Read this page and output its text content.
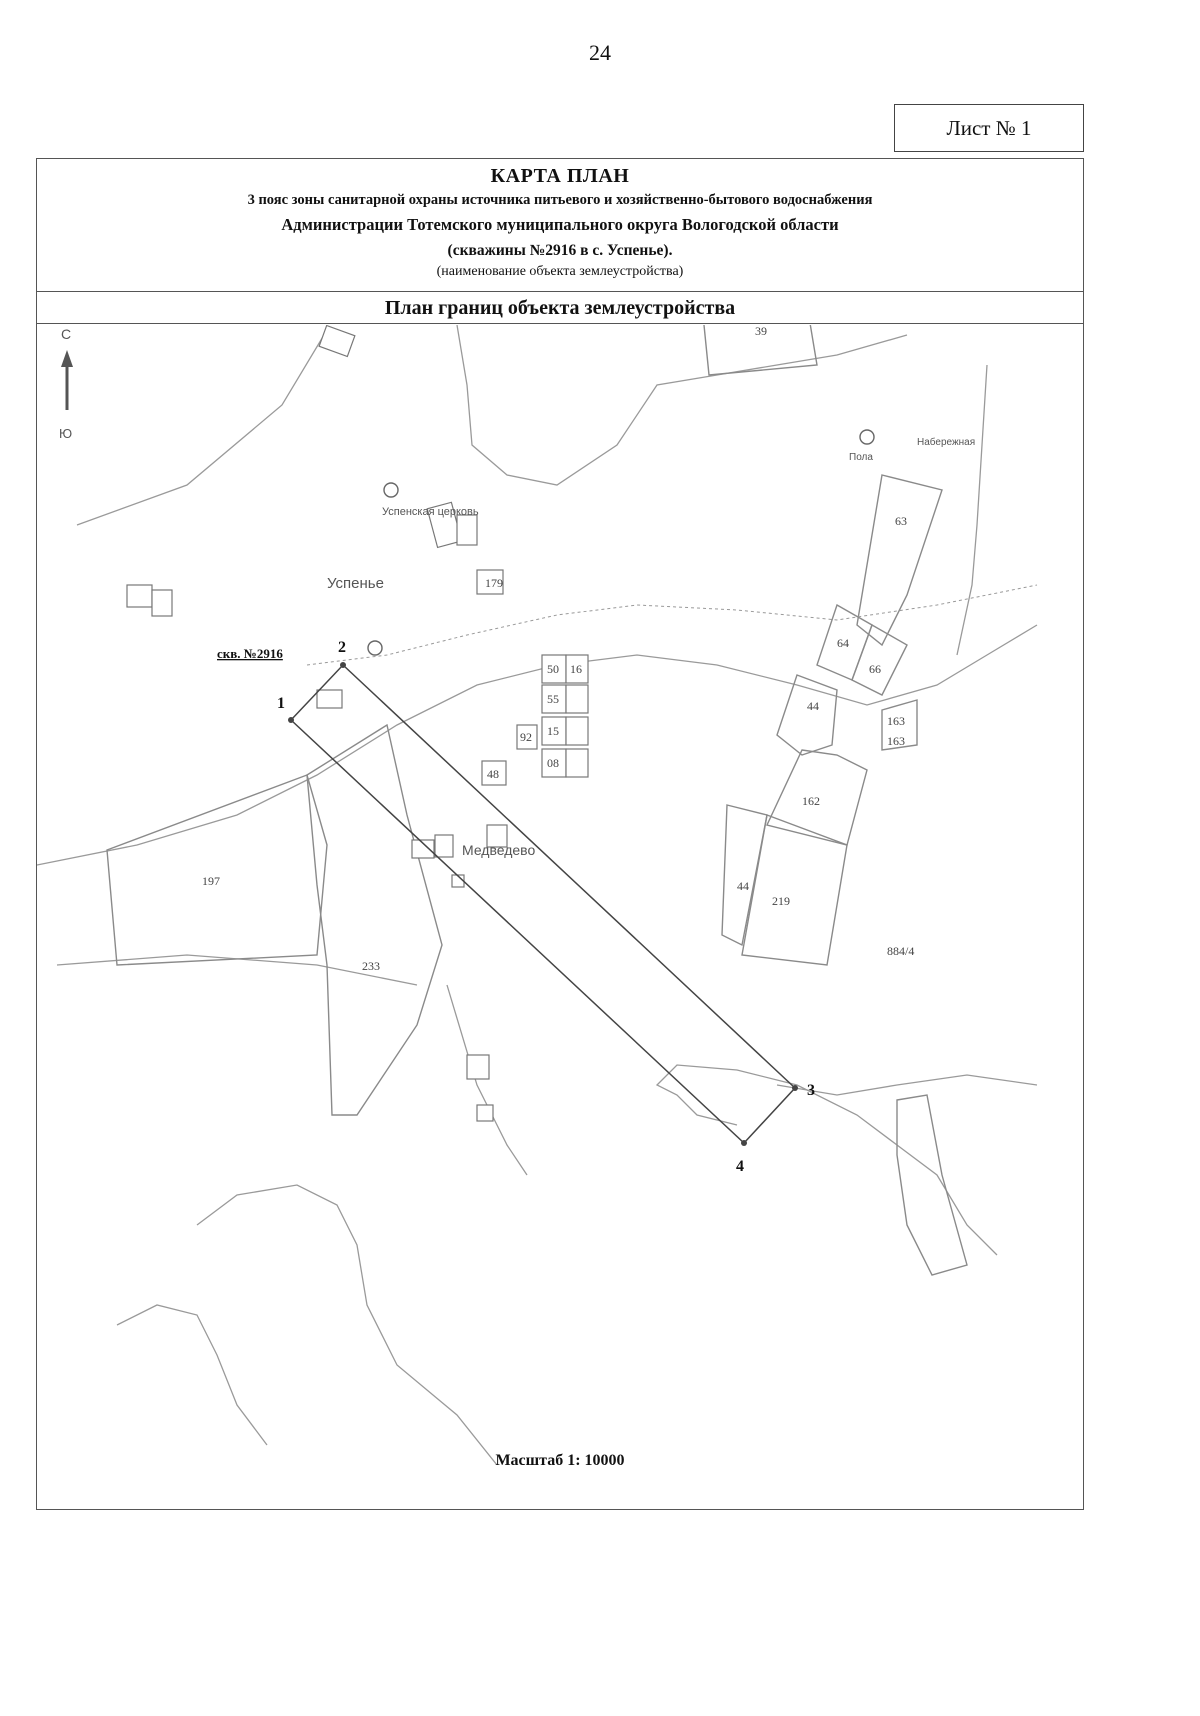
24
Лист № 1
КАРТА ПЛАН
3 пояс зоны санитарной охраны источника питьевого и хозяйственно-бытового водоснабжения
Администрации Тотемского муниципального округа Вологодской области
(скважины №2916 в с. Успенье).
(наименование объекта землеустройства)
План границ объекта землеустройства
С
Ю
1
2
3
4
скв. №2916
39
63
64
66
163
163
44
162
44
219
884/4
197
233
179
50
55
15
08
48
92
16
Успенье
Успенская церковь
Набережная
Пола
Медведево
Масштаб 1: 10000
